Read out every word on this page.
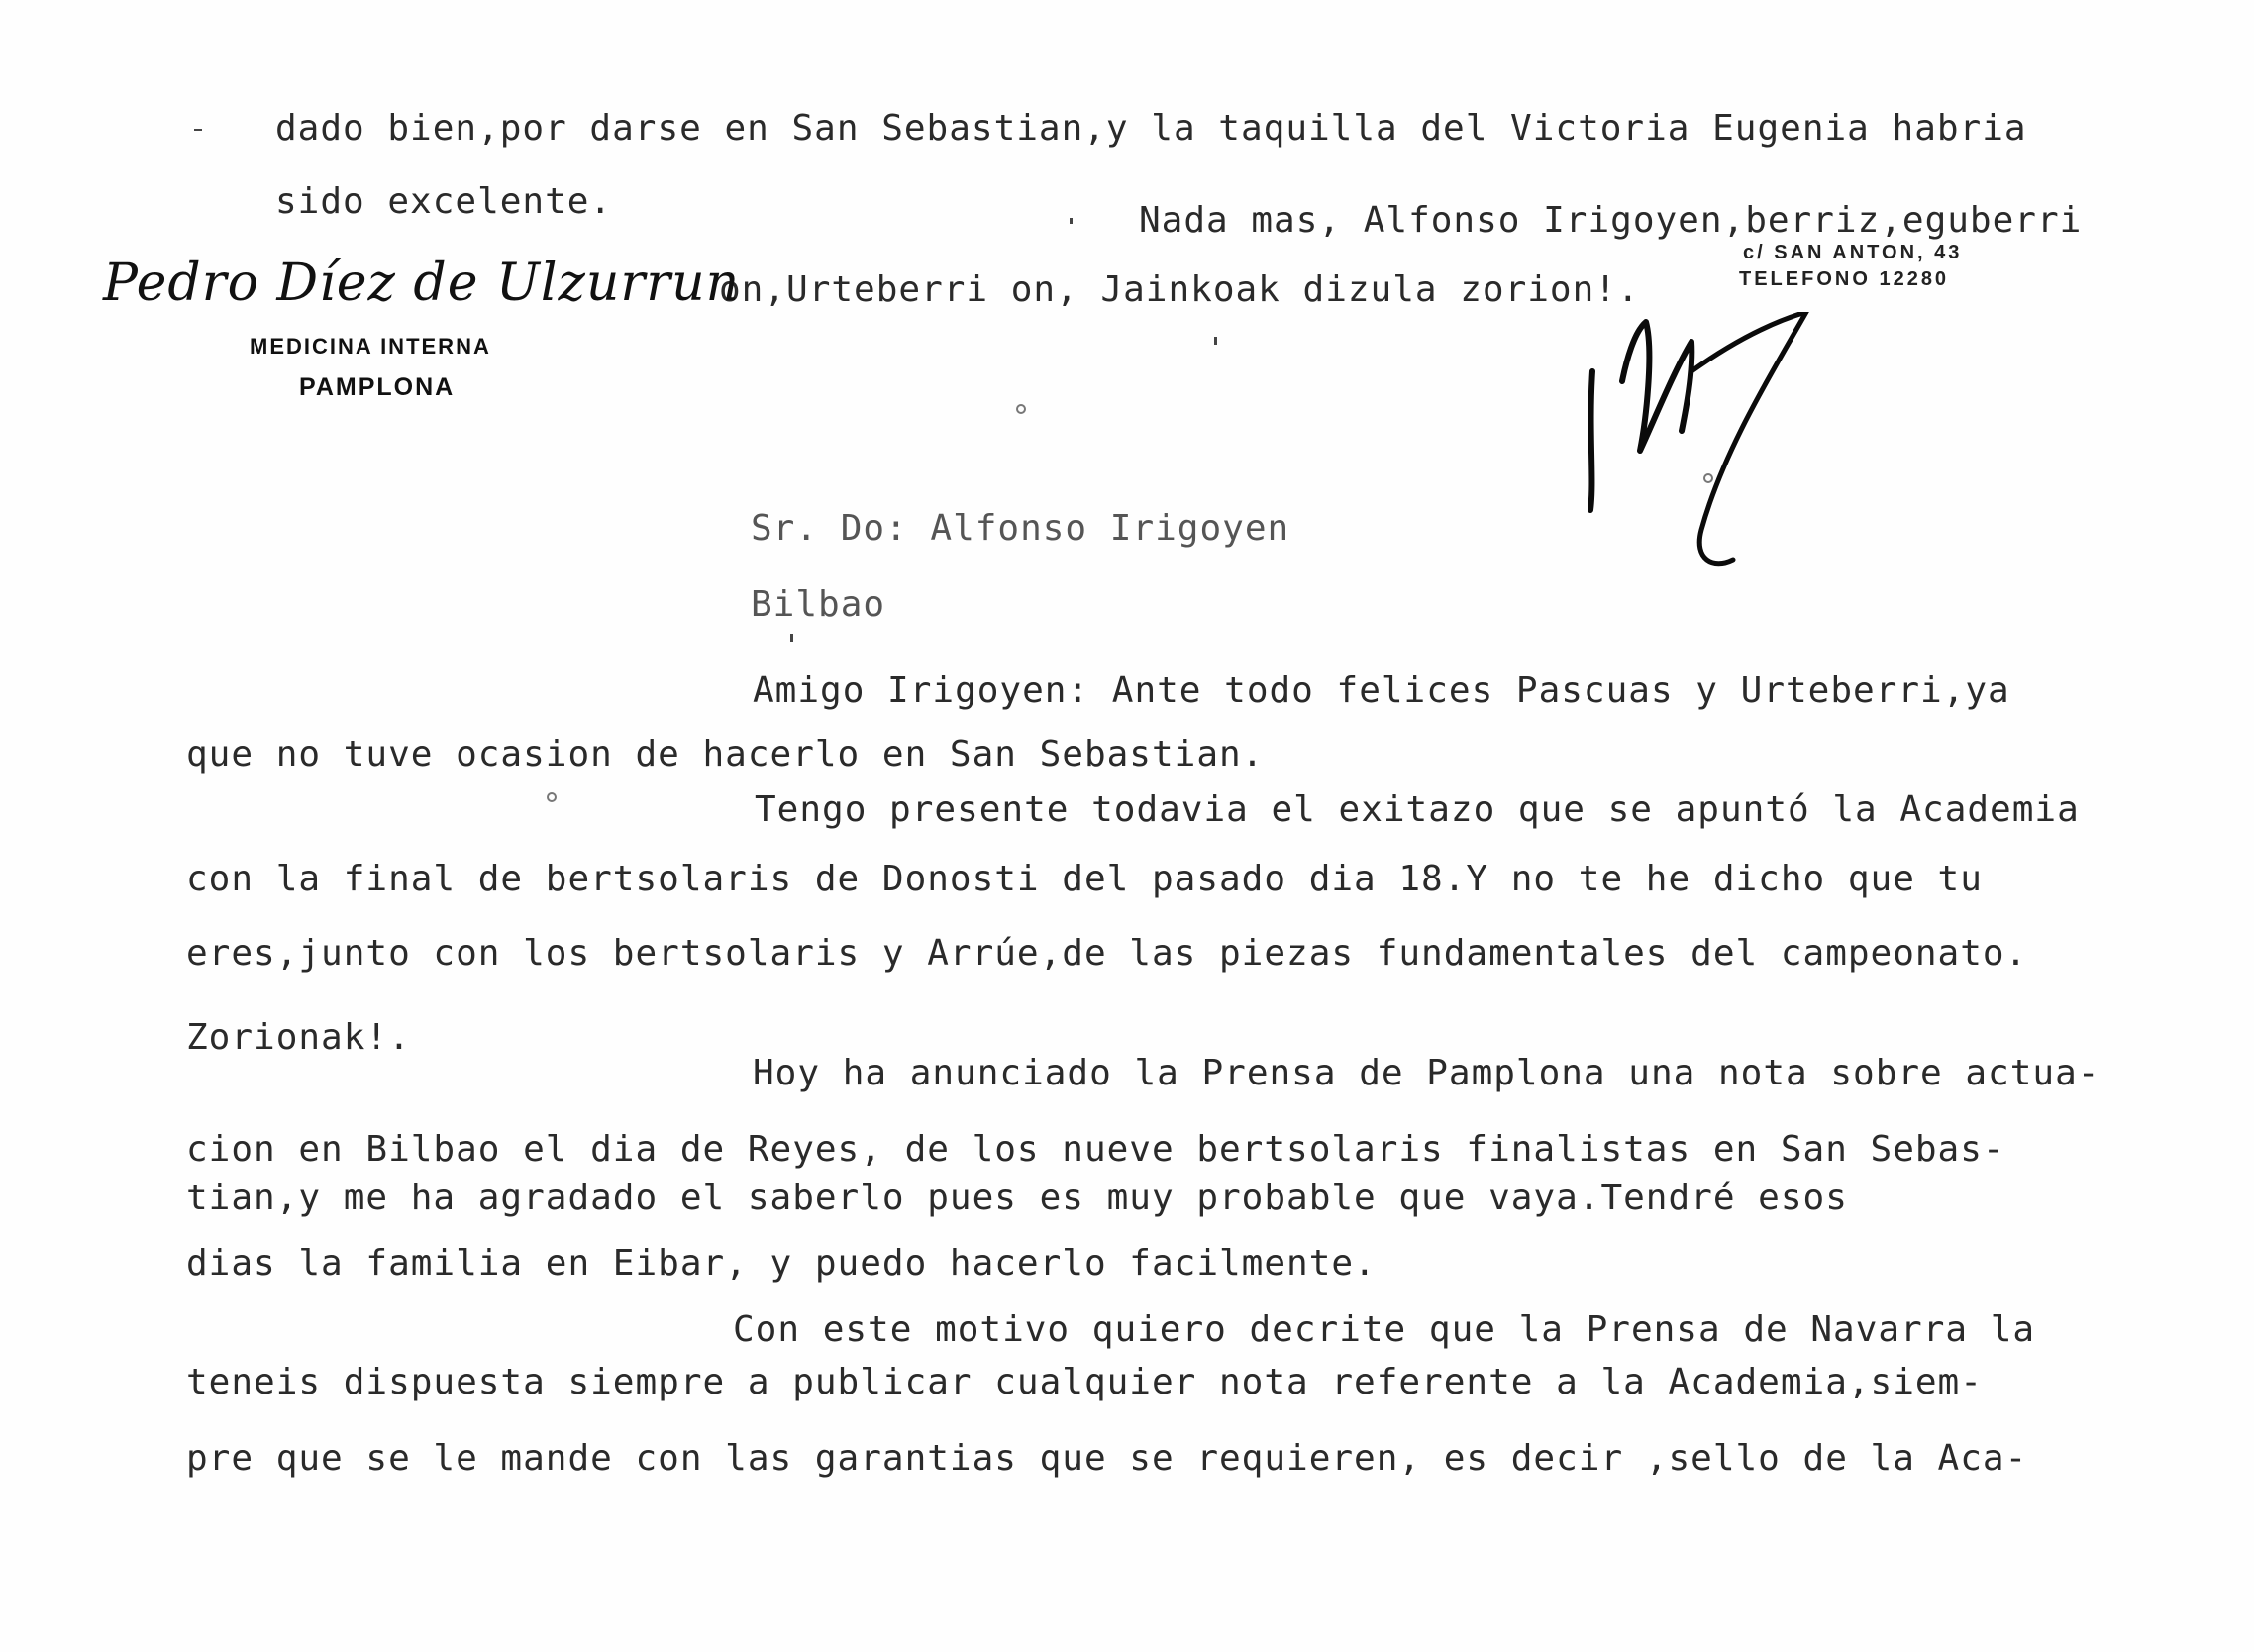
dado bien,por darse en San Sebastian,y la taquilla del Victoria Eugenia habria
sido excelente.	Nada mas, Alfonso Irigoyen,berriz,eguberri
on,Urteberri on, Jainkoak dizula zorion!.
Pedro Díez de Ulzurrun
MEDICINA INTERNA
PAMPLONA
c/ SAN ANTON, 43
TELEFONO 12280
Sr. Do: Alfonso Irigoyen
Bilbao
Amigo Irigoyen: Ante todo felices Pascuas y Urteberri,ya
que no tuve ocasion de hacerlo en San Sebastian.
Tengo presente todavia el exitazo que se apuntó la Academia
con la final de bertsolaris de Donosti del pasado dia 18.Y no te he dicho que tu
eres,junto con los bertsolaris y Arrúe,de las piezas fundamentales del campeonato.
Zorionak!.
Hoy ha anunciado la Prensa de Pamplona una nota sobre actua-
cion en Bilbao el dia de Reyes, de los nueve bertsolaris finalistas en San Sebas-
tian,y me ha agradado el saberlo pues es muy probable que vaya.Tendré esos
dias la familia en Eibar, y puedo hacerlo facilmente.
Con este motivo quiero decrite que la Prensa de Navarra la
teneis dispuesta siempre a publicar cualquier nota referente a la Academia,siem-
pre que se le mande con las garantias que se requieren, es decir ,sello de la Aca-
